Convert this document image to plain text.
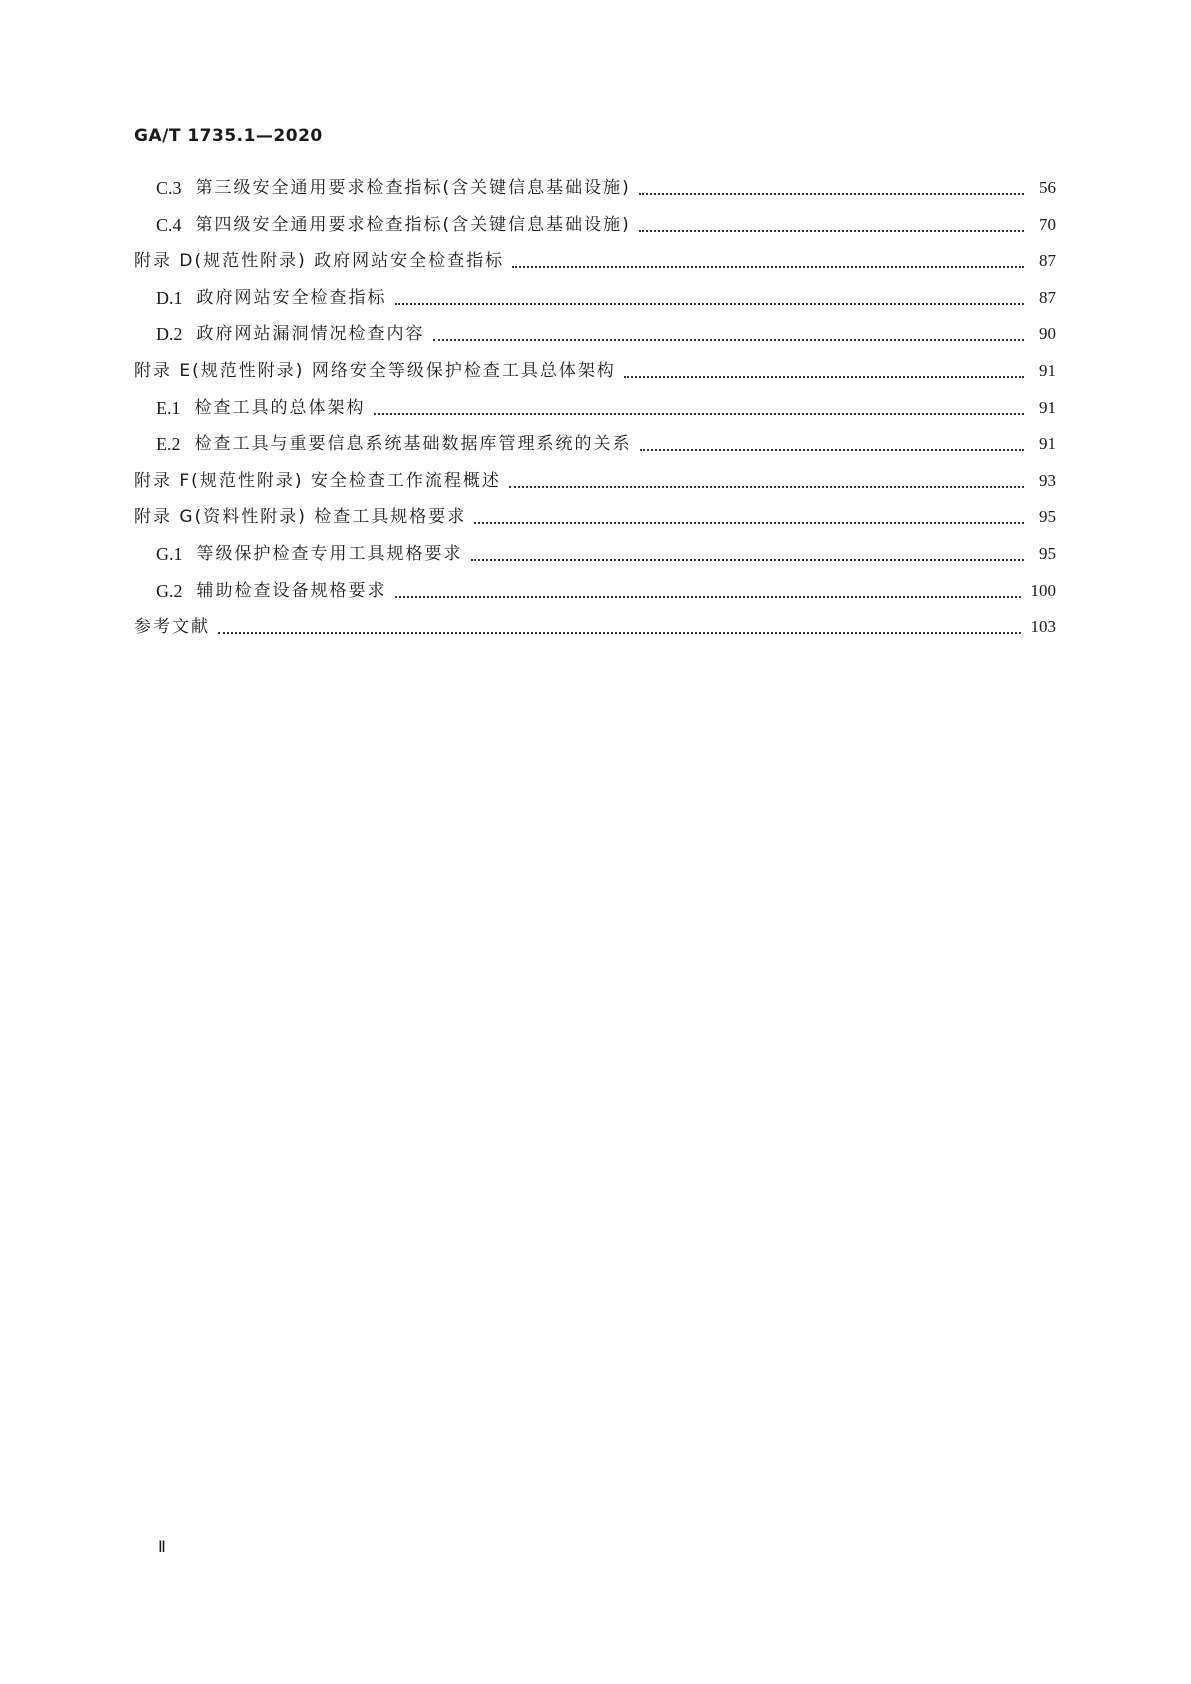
GA/T 1735.1—2020
C.3 第三级安全通用要求检查指标(含关键信息基础设施)	56
C.4 第四级安全通用要求检查指标(含关键信息基础设施)	70
附录 D(规范性附录) 政府网站安全检查指标	87
D.1 政府网站安全检查指标	87
D.2 政府网站漏洞情况检查内容	90
附录 E(规范性附录) 网络安全等级保护检查工具总体架构	91
E.1 检查工具的总体架构	91
E.2 检查工具与重要信息系统基础数据库管理系统的关系	91
附录 F(规范性附录) 安全检查工作流程概述	93
附录 G(资料性附录) 检查工具规格要求	95
G.1 等级保护检查专用工具规格要求	95
G.2 辅助检查设备规格要求	100
参考文献	103
Ⅱ
